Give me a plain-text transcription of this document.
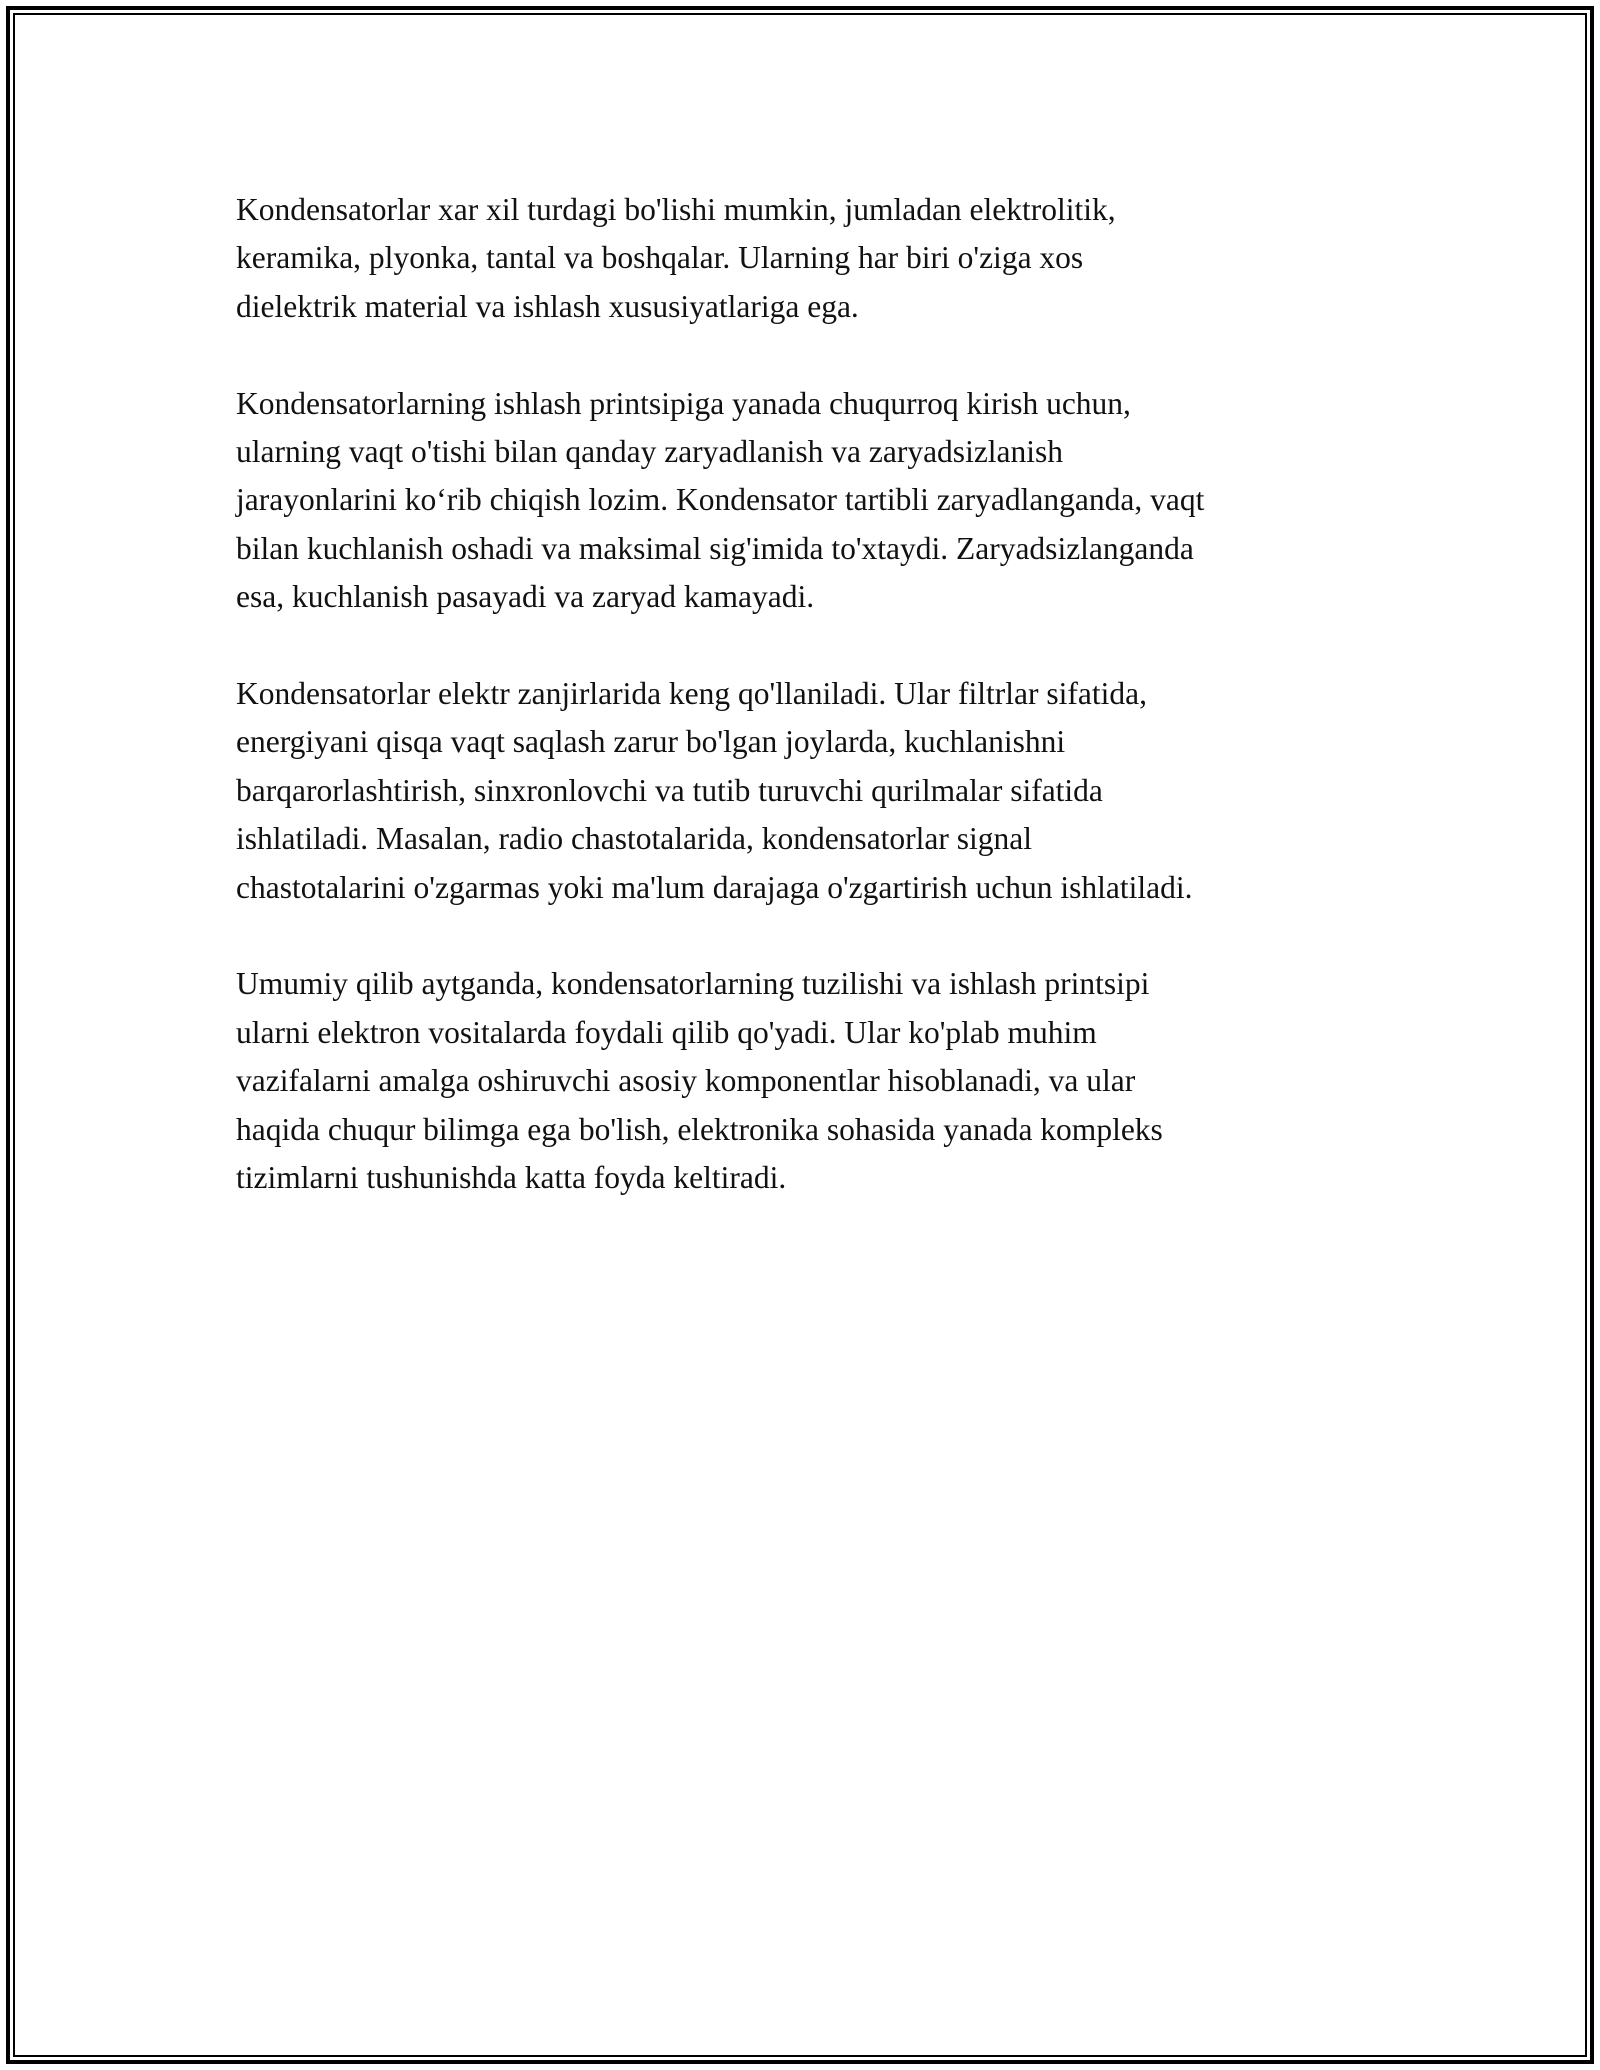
Kondensatorlar xar xil turdagi bo'lishi mumkin, jumladan elektrolitik,
keramika, plyonka, tantal va boshqalar. Ularning har biri o'ziga xos
dielektrik material va ishlash xususiyatlariga ega.

Kondensatorlarning ishlash printsipiga yanada chuqurroq kirish uchun,
ularning vaqt o'tishi bilan qanday zaryadlanish va zaryadsizlanish
jarayonlarini ko‘rib chiqish lozim. Kondensator tartibli zaryadlanganda, vaqt
bilan kuchlanish oshadi va maksimal sig'imida to'xtaydi. Zaryadsizlanganda
esa, kuchlanish pasayadi va zaryad kamayadi.

Kondensatorlar elektr zanjirlarida keng qo'llaniladi. Ular filtrlar sifatida,
energiyani qisqa vaqt saqlash zarur bo'lgan joylarda, kuchlanishni
barqarorlashtirish, sinxronlovchi va tutib turuvchi qurilmalar sifatida
ishlatiladi. Masalan, radio chastotalarida, kondensatorlar signal
chastotalarini o'zgarmas yoki ma'lum darajaga o'zgartirish uchun ishlatiladi.

Umumiy qilib aytganda, kondensatorlarning tuzilishi va ishlash printsipi
ularni elektron vositalarda foydali qilib qo'yadi. Ular ko'plab muhim
vazifalarni amalga oshiruvchi asosiy komponentlar hisoblanadi, va ular
haqida chuqur bilimga ega bo'lish, elektronika sohasida yanada kompleks
tizimlarni tushunishda katta foyda keltiradi.
